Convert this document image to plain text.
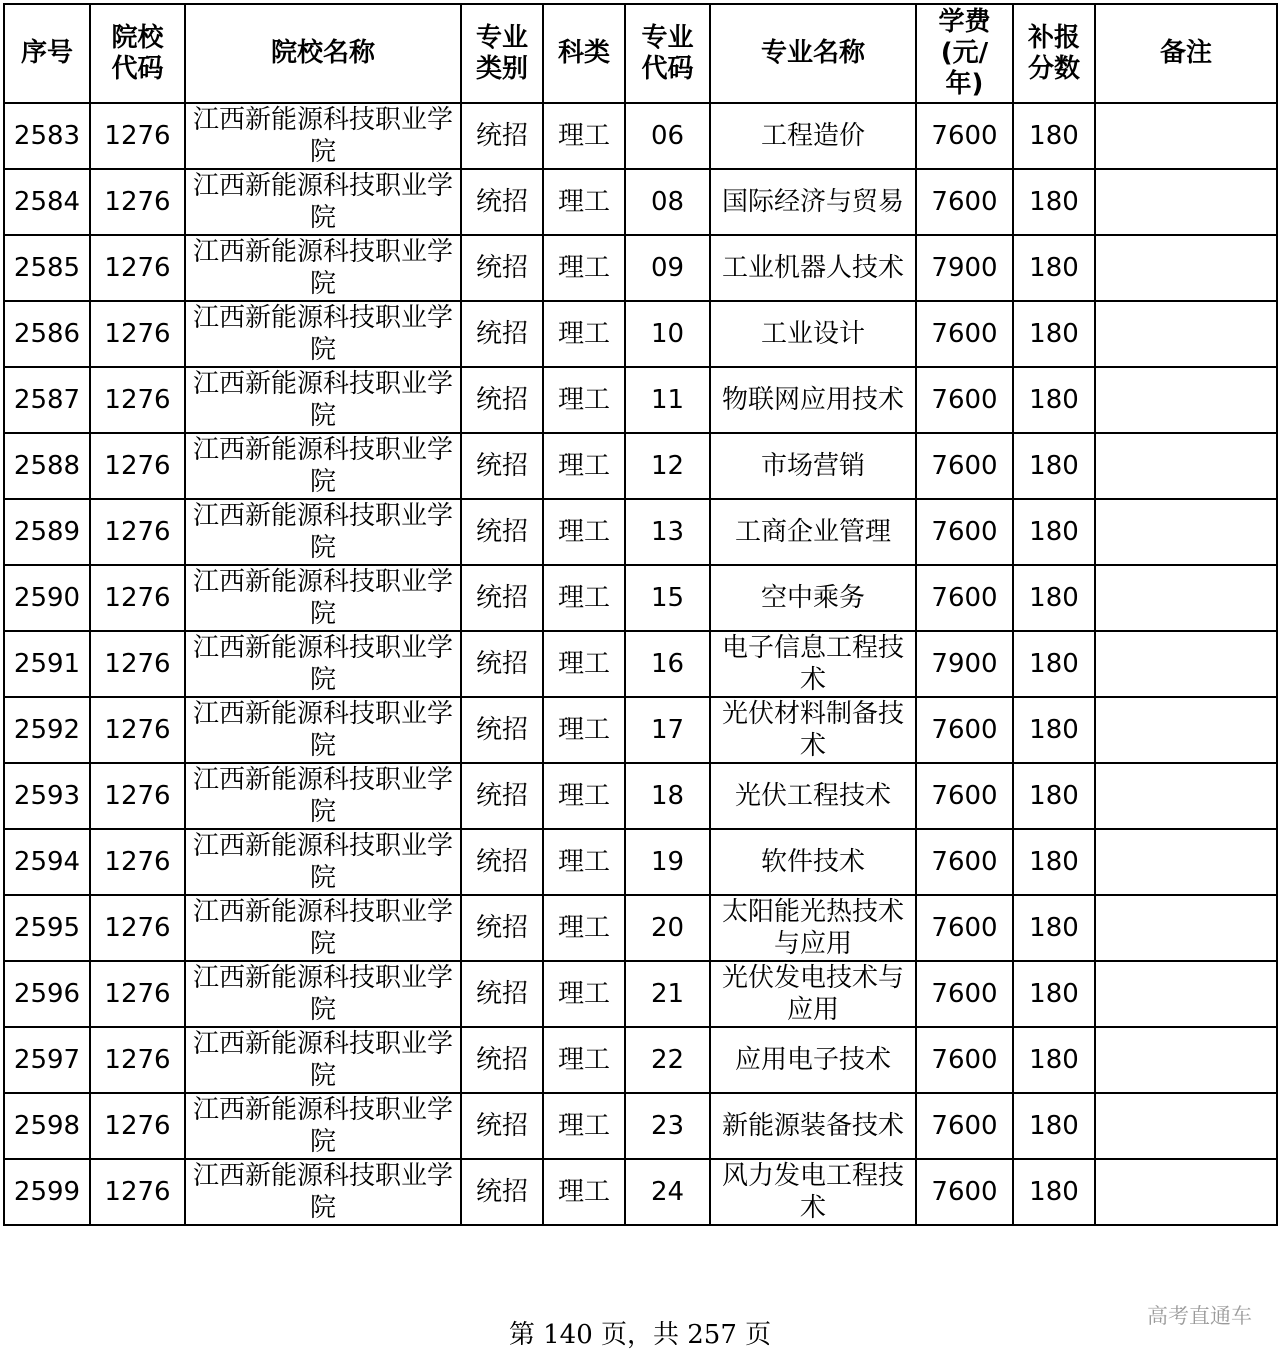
序号	院校代码	院校名称	专业类别	科类	专业代码	专业名称	学费(元/年)	补报分数	备注
2583	1276	江西新能源科技职业学院	统招	理工	06	工程造价	7600	180	
2584	1276	江西新能源科技职业学院	统招	理工	08	国际经济与贸易	7600	180	
2585	1276	江西新能源科技职业学院	统招	理工	09	工业机器人技术	7900	180	
2586	1276	江西新能源科技职业学院	统招	理工	10	工业设计	7600	180	
2587	1276	江西新能源科技职业学院	统招	理工	11	物联网应用技术	7600	180	
2588	1276	江西新能源科技职业学院	统招	理工	12	市场营销	7600	180	
2589	1276	江西新能源科技职业学院	统招	理工	13	工商企业管理	7600	180	
2590	1276	江西新能源科技职业学院	统招	理工	15	空中乘务	7600	180	
2591	1276	江西新能源科技职业学院	统招	理工	16	电子信息工程技术	7900	180	
2592	1276	江西新能源科技职业学院	统招	理工	17	光伏材料制备技术	7600	180	
2593	1276	江西新能源科技职业学院	统招	理工	18	光伏工程技术	7600	180	
2594	1276	江西新能源科技职业学院	统招	理工	19	软件技术	7600	180	
2595	1276	江西新能源科技职业学院	统招	理工	20	太阳能光热技术与应用	7600	180	
2596	1276	江西新能源科技职业学院	统招	理工	21	光伏发电技术与应用	7600	180	
2597	1276	江西新能源科技职业学院	统招	理工	22	应用电子技术	7600	180	
2598	1276	江西新能源科技职业学院	统招	理工	23	新能源装备技术	7600	180	
2599	1276	江西新能源科技职业学院	统招	理工	24	风力发电工程技术	7600	180	
第 140 页，共 257 页
高考直通车
